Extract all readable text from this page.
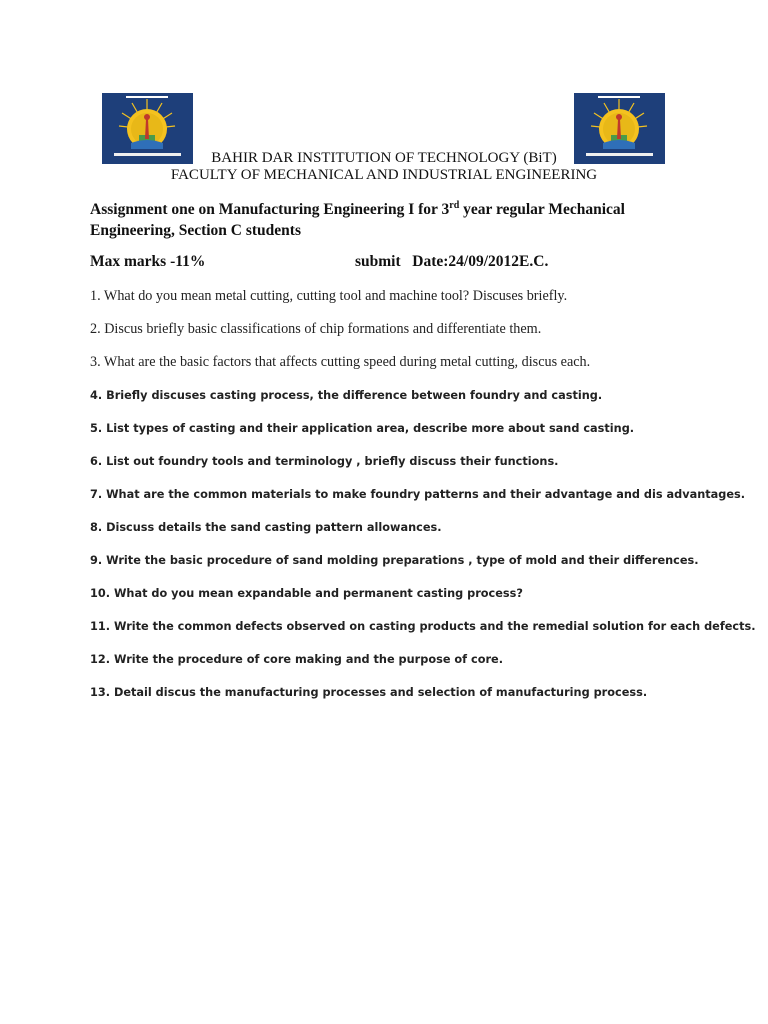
BAHIR DAR INSTITUTION OF TECHNOLOGY (BiT)
FACULTY OF MECHANICAL AND INDUSTRIAL ENGINEERING
Assignment one on Manufacturing Engineering I for 3rd year regular Mechanical Engineering, Section C students
Max marks -11%	submit   Date:24/09/2012E.C.
1. What do you mean metal cutting, cutting tool and machine tool? Discuses briefly.
2. Discus briefly basic classifications of chip formations and differentiate them.
3. What are the basic factors that affects cutting speed during metal cutting, discus each.
4. Briefly discuses casting process, the difference between foundry and casting.
5. List types of casting and their application area, describe more about sand casting.
6. List out foundry tools and terminology , briefly discuss their functions.
7. What are the common materials to make foundry patterns and their advantage and dis advantages.
8. Discuss details the sand casting pattern allowances.
9. Write the basic procedure of sand molding preparations , type of mold and their differences.
10. What do you mean expandable and permanent casting process?
11. Write the common defects observed on casting products and the remedial solution for each defects.
12. Write the procedure of core making and the purpose of core.
13. Detail discus the manufacturing processes and selection of manufacturing process.
